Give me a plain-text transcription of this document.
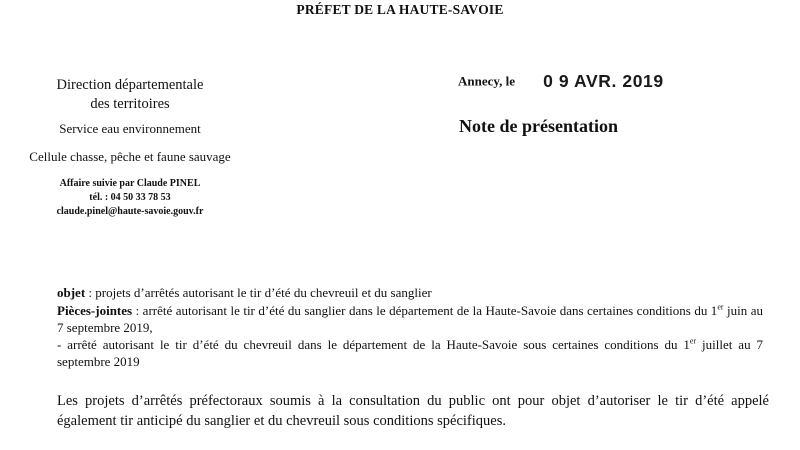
PRÉFET DE LA HAUTE-SAVOIE
Direction départementale
des territoires
Service eau environnement
Cellule chasse, pêche et faune sauvage
Affaire suivie par Claude PINEL
tél. : 04 50 33 78 53
claude.pinel@haute-savoie.gouv.fr
Annecy, le 0 9 AVR. 2019
Note de présentation
objet : projets d’arrêtés autorisant le tir d’été du chevreuil et du sanglier
Pièces-jointes : arrêté autorisant le tir d’été du sanglier dans le département de la Haute-Savoie dans certaines conditions du 1er juin au 7 septembre 2019,
- arrêté autorisant le tir d’été du chevreuil dans le département de la Haute-Savoie sous certaines conditions du 1er juillet au 7 septembre 2019
Les projets d’arrêtés préfectoraux soumis à la consultation du public ont pour objet d’autoriser le tir d’été appelé également tir anticipé du sanglier et du chevreuil sous conditions spécifiques.
